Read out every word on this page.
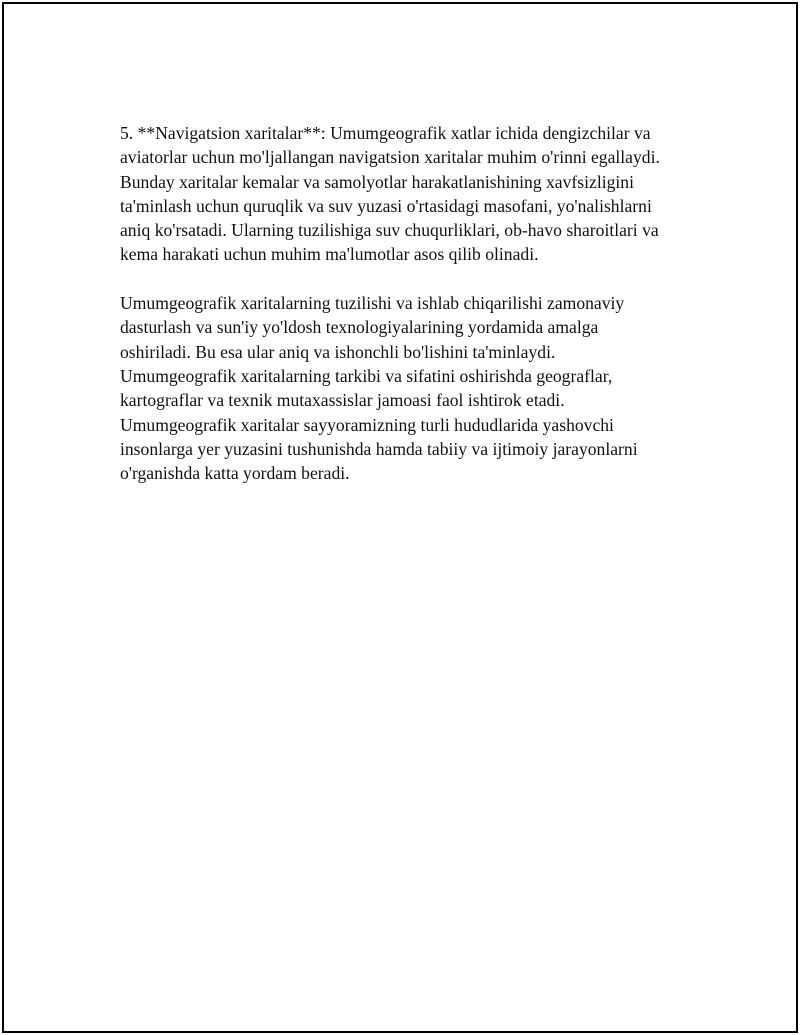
5. **Navigatsion xaritalar**: Umumgeografik xatlar ichida dengizchilar va
aviatorlar uchun mo'ljallangan navigatsion xaritalar muhim o'rinni egallaydi.
Bunday xaritalar kemalar va samolyotlar harakatlanishining xavfsizligini
ta'minlash uchun quruqlik va suv yuzasi o'rtasidagi masofani, yo'nalishlarni
aniq ko'rsatadi. Ularning tuzilishiga suv chuqurliklari, ob-havo sharoitlari va
kema harakati uchun muhim ma'lumotlar asos qilib olinadi.

Umumgeografik xaritalarning tuzilishi va ishlab chiqarilishi zamonaviy
dasturlash va sun'iy yo'ldosh texnologiyalarining yordamida amalga
oshiriladi. Bu esa ular aniq va ishonchli bo'lishini ta'minlaydi.
Umumgeografik xaritalarning tarkibi va sifatini oshirishda geograflar,
kartograflar va texnik mutaxassislar jamoasi faol ishtirok etadi.
Umumgeografik xaritalar sayyoramizning turli hududlarida yashovchi
insonlarga yer yuzasini tushunishda hamda tabiiy va ijtimoiy jarayonlarni
o'rganishda katta yordam beradi.
